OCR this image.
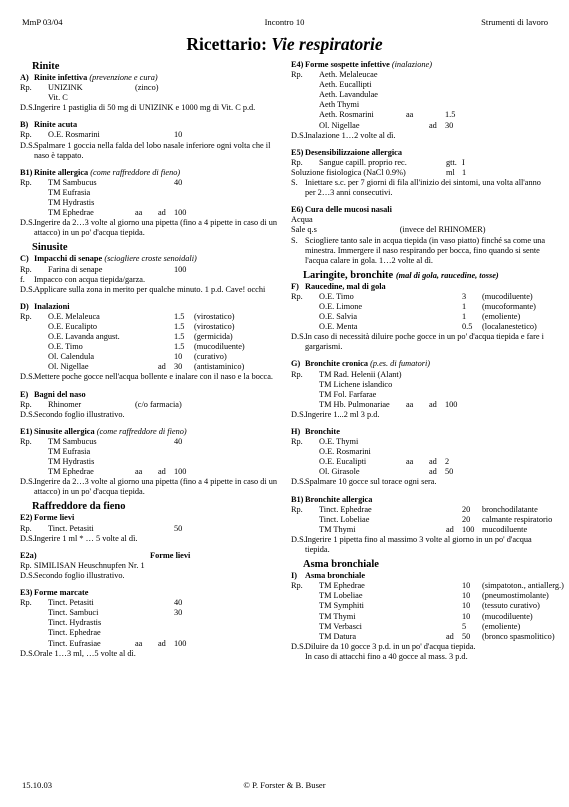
MmP 03/04	Incontro 10	Strumenti di lavoro
Ricettario: Vie respiratorie
Rinite
A) Rinite infettiva (prevenzione e cura)
Rp.	UNIZINK	(zinco)
Vit. C
D.S. Ingerire 1 pastiglia di 50 mg di UNIZINK e 1000 mg di Vit. C p.d.
B) Rinite acuta
Rp.	O.E. Rosmarini	10
D.S. Spalmare 1 goccia nella falda del lobo nasale inferiore ogni volta che il naso è tappato.
B1) Rinite allergica (come raffreddore di fieno)
Rp.	TM Sambucus	40
TM Eufrasia
TM Hydrastis
TM Ephedrae	aa	ad 100
D.S. Ingerire da 2…3 volte al giorno una pipetta (fino a 4 pipette in caso di un attacco) in un po' d'acqua tiepida.
Sinusite
C) Impacchi di senape (sciogliere croste senoidali)
Rp.	Farina di senape	100
f.	Impacco con acqua tiepida/garza.
D.S. Applicare sulla zona in merito per qualche minuto. 1 p.d. Cave! occhi
D) Inalazioni
Rp.	O.E. Melaleuca	1.5	(virostatico)
O.E. Eucalipto	1.5	(virostatico)
O.E. Lavanda angust.	1.5	(germicida)
O.E. Timo	1.5	(mucodiluente)
Ol. Calendula	10	(curativo)
Ol. Nigellae	ad 30	(antistaminico)
D.S. Mettere poche gocce nell'acqua bollente e inalare con il naso e la bocca.
E) Bagni del naso
Rp.	Rhinomer	(c/o farmacia)
D.S. Secondo foglio illustrativo.
E1) Sinusite allergica (come raffreddore di fieno)
Rp.	TM Sambucus	40
TM Eufrasia
TM Hydrastis
TM Ephedrae	aa	ad 100
D.S. Ingerire da 2…3 volte al giorno una pipetta (fino a 4 pipette in caso di un attacco) in un po' d'acqua tiepida.
Raffreddore da fieno
E2) Forme lievi
Rp.	Tinct. Petasiti	50
D.S. Ingerire 1 ml * … 5 volte al dì.
E2a)	Forme lievi
Rp. SIMILISAN Heuschnupfen Nr. 1
D.S. Secondo foglio illustrativo.
E3) Forme marcate
Rp.	Tinct. Petasiti	40
Tinct. Sambuci	30
Tinct. Hydrastis
Tinct. Ephedrae
Tinct. Eufrasiae	aa	ad 100
D.S. Orale 1…3 ml, …5 volte al dì.
E4) Forme sospette infettive (inalazione)
Rp.	Aeth. Melaleucae
Aeth. Eucallipti
Aeth. Lavandulae
Aeth Thymi
Aeth. Rosmarini	aa	1.5
Ol. Nigellae	ad 30
D.S. Inalazione 1…2 volte al dì.
E5) Desensibilizzaione allergica
Rp.	Sangue capill. proprio rec.	gtt. I
Soluzione fisiologica (NaCl 0.9%)	ml 1
S. Iniettare s.c. per 7 giorni di fila all'inizio dei sintomi, una volta all'anno per 2…3 anni consecutivi.
E6) Cura delle mucosi nasali
Acqua
Sale q.s                                        (invece del RHINOMER)
S. Sciogliere tanto sale in acqua tiepida (in vaso piatto) finché sa come una minestra. Immergere il naso respirando per bocca, fino quando si sente l'acqua calare in gola. 1…2 volte al dì.
Laringite, bronchite (mal di gola, raucedine, tosse)
F) Raucedine, mal di gola
Rp.	O.E. Timo	3	(mucodiluente)
O.E. Limone	1	(mucoformante)
O.E. Salvia	1	(emoliente)
O.E. Menta	0.5	(localanestetico)
D.S. In caso di necessità diluire poche gocce in un po' d'acqua tiepida e fare i gargarismi.
G) Bronchite cronica (p.es. di fumatori)
Rp.	TM Rad. Helenii (Alant)
TM Lichene islandico
TM Fol. Farfarae
TM Hb. Pulmonariae	aa	ad 100
D.S. Ingerire 1...2 ml 3 p.d.
H) Bronchite
Rp.	O.E. Thymi
O.E. Rosmarini
O.E. Eucalipti	aa	ad 2
Ol. Girasole	ad 50
D.S. Spalmare 10 gocce sul torace ogni sera.
B1) Bronchite allergica
Rp.	Tinct. Ephedrae	20	bronchodilatante
Tinct. Lobeliae	20	calmante respiratorio
TM Thymi	ad 100 mucodiluente
D.S. Ingerire 1 pipetta fino al massimo 3 volte al giorno in un po' d'acqua tiepida.
Asma bronchiale
I) Asma bronchiale
Rp.	TM Ephedrae	10	(simpatoton., antiallerg.)
TM Lobeliae	10	(pneumostimolante)
TM Symphiti	10	(tessuto curativo)
TM Thymi	10	(mucodiluente)
TM Verbasci	5	(emoliente)
TM Datura	ad 50	(bronco spasmolitico)
D.S. Diluire da 10 gocce 3 p.d. in un po' d'acqua tiepida.
In caso di attacchi fino a 40 gocce al mass. 3 p.d.
15.10.03	© P. Forster & B. Buser
